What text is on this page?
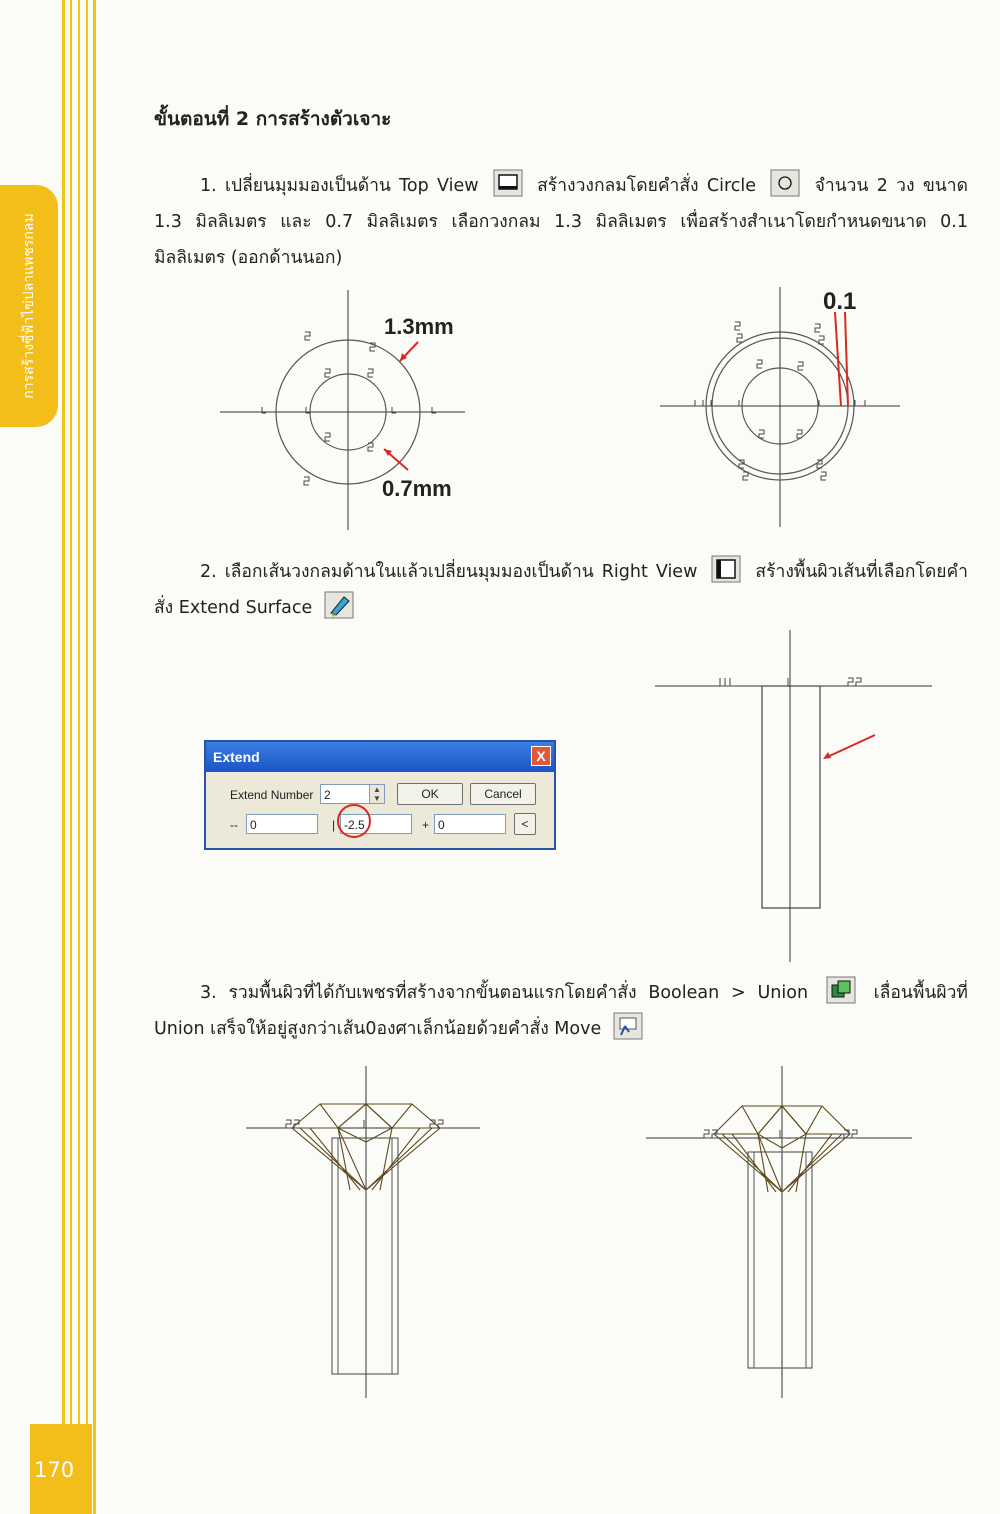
การสร้างซี่ฟ้าไข่ปลาแพชรกลม
170
ขั้นตอนที่ 2 การสร้างตัวเจาะ
1. เปลี่ยนมุมมองเป็นด้าน Top View	สร้างวงกลมโดยคำสั่ง Circle	จำนวน 2 วง ขนาด 1.3 มิลลิเมตร และ 0.7 มิลลิเมตร เลือกวงกลม 1.3 มิลลิเมตร เพื่อสร้างสำเนาโดยกำหนดขนาด 0.1 มิลลิเมตร (ออกด้านนอก)
1.3mm
0.7mm
0.1
2. เลือกเส้นวงกลมด้านในแล้วเปลี่ยนมุมมองเป็นด้าน Right View	สร้างพื้นผิวเส้นที่เลือกโดยคำสั่ง Extend Surface
Extend	X
Extend Number 2	▲
▼	OK	Cancel
--	0	| -2.5	+ 0	<
3. รวมพื้นผิวที่ได้กับเพชรที่สร้างจากขั้นตอนแรกโดยคำสั่ง Boolean > Union	เลื่อนพื้นผิวที่ Union เสร็จให้อยู่สูงกว่าเส้น0องศาเล็กน้อยด้วยคำสั่ง Move
